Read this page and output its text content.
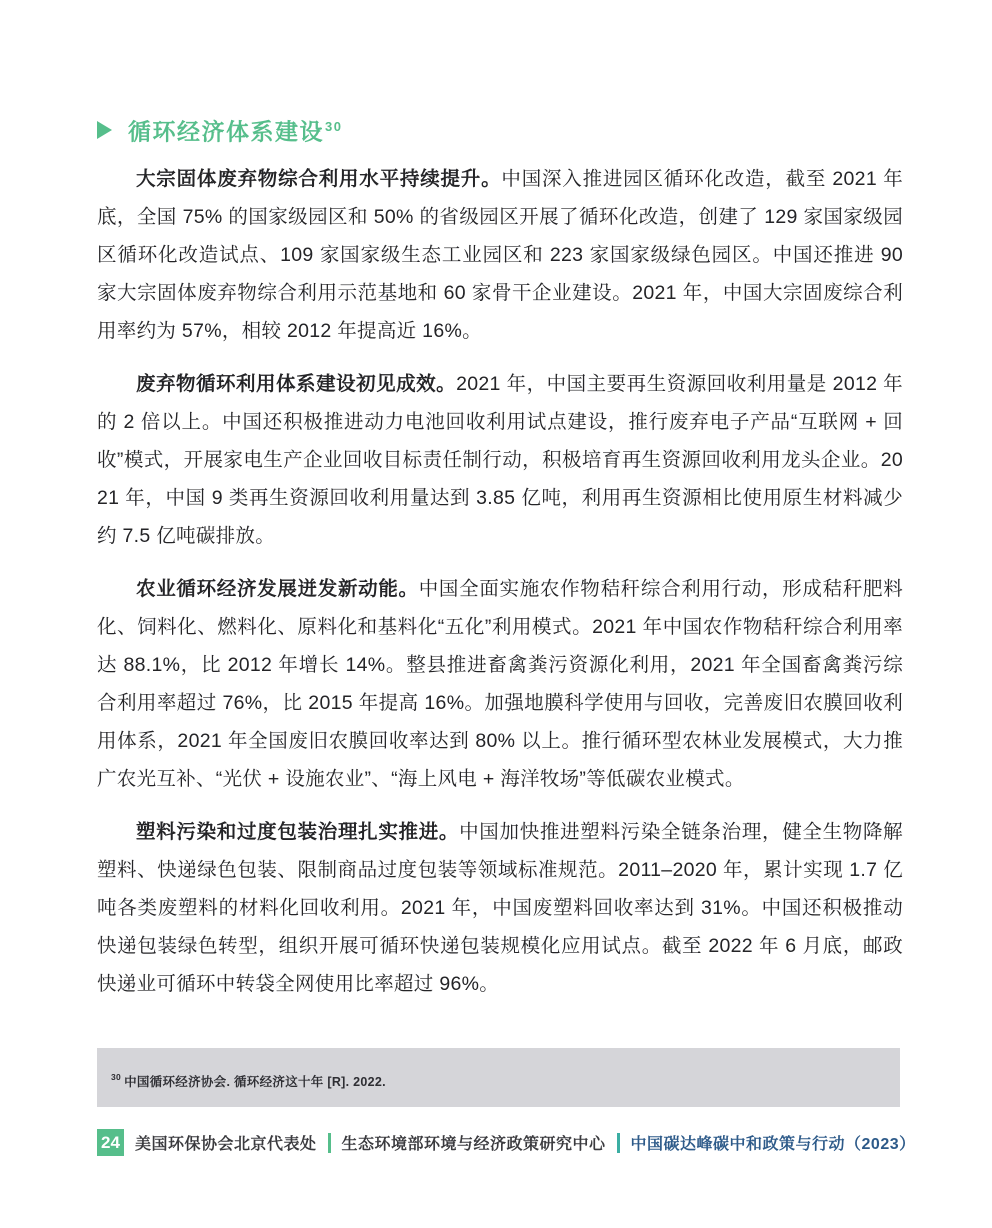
循环经济体系建设$^{30}$

大宗固体废弃物综合利用水平持续提升。中国深入推进园区循环化改造，截至 2021 年底，全国 75% 的国家级园区和 50% 的省级园区开展了循环化改造，创建了 129 家国家级园区循环化改造试点、109 家国家级生态工业园区和 223 家国家级绿色园区。中国还推进 90 家大宗固体废弃物综合利用示范基地和 60 家骨干企业建设。2021 年，中国大宗固废综合利用率约为 57%，相较 2012 年提高近 16%。

废弃物循环利用体系建设初见成效。2021 年，中国主要再生资源回收利用量是 2012 年的 2 倍以上。中国还积极推进动力电池回收利用试点建设，推行废弃电子产品“互联网 + 回收”模式，开展家电生产企业回收目标责任制行动，积极培育再生资源回收利用龙头企业。2021 年，中国 9 类再生资源回收利用量达到 3.85 亿吨，利用再生资源相比使用原生材料减少约 7.5 亿吨碳排放。

农业循环经济发展迸发新动能。中国全面实施农作物秸秆综合利用行动，形成秸秆肥料化、饲料化、燃料化、原料化和基料化“五化”利用模式。2021 年中国农作物秸秆综合利用率达 88.1%，比 2012 年增长 14%。整县推进畜禽粪污资源化利用，2021 年全国畜禽粪污综合利用率超过 76%，比 2015 年提高 16%。加强地膜科学使用与回收，完善废旧农膜回收利用体系，2021 年全国废旧农膜回收率达到 80% 以上。推行循环型农林业发展模式，大力推广农光互补、“光伏 + 设施农业”、“海上风电 + 海洋牧场”等低碳农业模式。

塑料污染和过度包装治理扎实推进。中国加快推进塑料污染全链条治理，健全生物降解塑料、快递绿色包装、限制商品过度包装等领域标准规范。2011–2020 年，累计实现 1.7 亿吨各类废塑料的材料化回收利用。2021 年，中国废塑料回收率达到 31%。中国还积极推动快递包装绿色转型，组织开展可循环快递包装规模化应用试点。截至 2022 年 6 月底，邮政快递业可循环中转袋全网使用比率超过 96%。

$^{30}$ 中国循环经济协会. 循环经济这十年 [R]. 2022.

24 美国环保协会北京代表处 生态环境部环境与经济政策研究中心 中国碳达峰碳中和政策与行动（2023）
